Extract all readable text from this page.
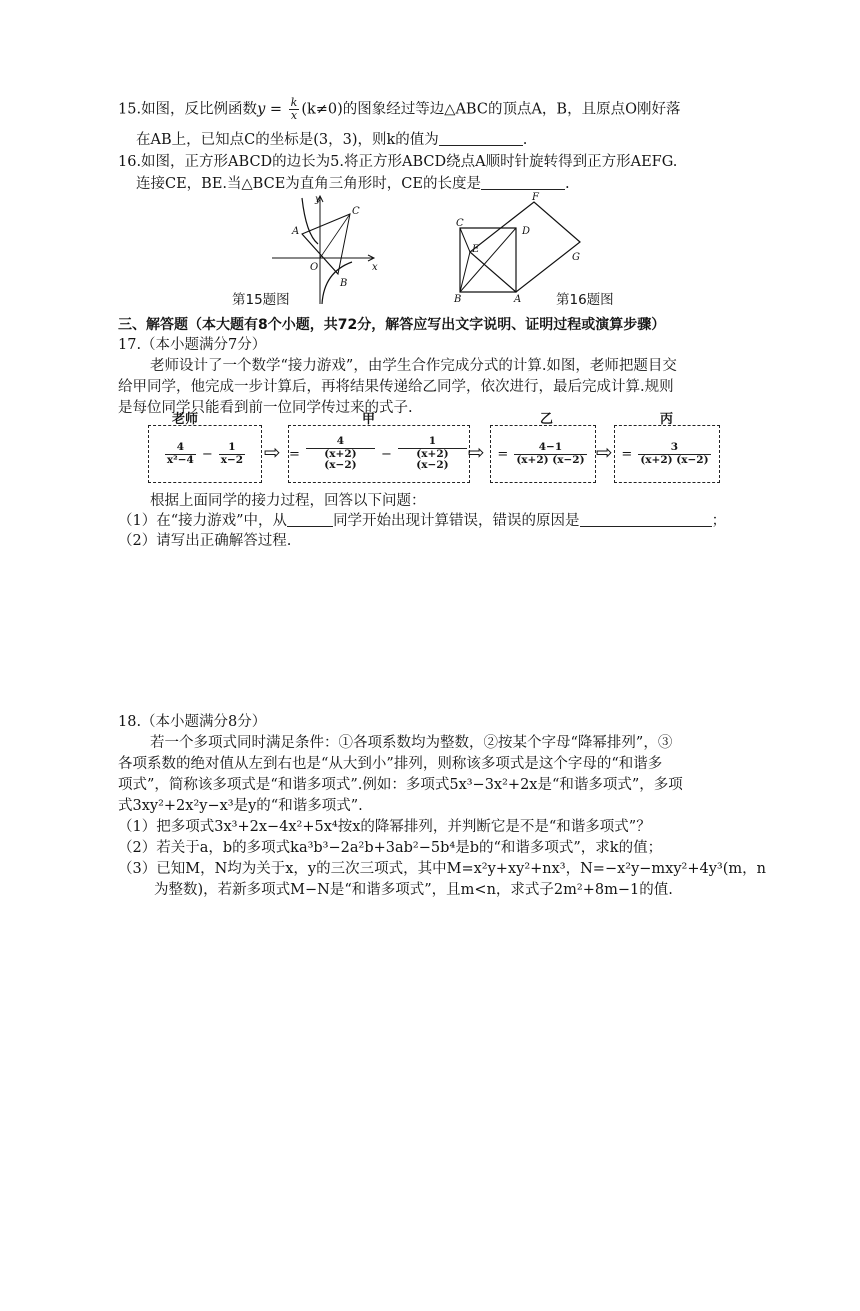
15.如图，反比例函数$y = \frac{k}{x} (k\ne 0)$的图象经过等边△ABC的顶点A，B，且原点O刚好落
在AB上，已知点C的坐标是(3，3)，则k的值为	.
16.如图，正方形ABCD的边长为5.将正方形ABCD绕点A顺时针旋转得到正方形AEFG.
连接CE，BE.当△BCE为直角三角形时，CE的长度是	.
y
x
A
C
O
B
第15题图
C
D
E
F
G
B	A	第16题图
三、解答题（本大题有8个小题，共72分，解答应写出文字说明、证明过程或演算步骤）
17.（本小题满分7分）
老师设计了一个数学“接力游戏”，由学生合作完成分式的计算.如图，老师把题目交
给甲同学，他完成一步计算后，再将结果传递给乙同学，依次进行，最后完成计算.规则
是每位同学只能看到前一位同学传过来的式子.
老师	甲	乙	丙
$\frac{4}{\text{x²−4}} - \frac{1}{x-2}$ ⇨ = $\frac{4}{(x+2) (x-2)} - \frac{1}{(x+2) (x-2)}$ ⇨ = $\frac{4-1}{(x+2) (x-2)}$ ⇨ = $\frac{3}{(x+2) (x-2)}$
根据上面同学的接力过程，回答以下问题：
（1）在“接力游戏”中，从	同学开始出现计算错误，错误的原因是	；
（2）请写出正确解答过程.
18.（本小题满分8分）
若一个多项式同时满足条件：①各项系数均为整数，②按某个字母“降幂排列”，③
各项系数的绝对值从左到右也是“从大到小”排列，则称该多项式是这个字母的“和谐多
项式”，简称该多项式是“和谐多项式”.例如：多项式5x³−3x²+2x是“和谐多项式”，多项
式3xy²+2x²y−x³是y的“和谐多项式”.
（1）把多项式3x³+2x−4x²+5x⁴按x的降幂排列，并判断它是不是“和谐多项式”？
（2）若关于a，b的多项式ka³b³−2a²b+3ab²−5b⁴是b的“和谐多项式”，求k的值；
（3）已知M，N均为关于x，y的三次三项式，其中M=x²y+xy²+nx³，N=−x²y−mxy²+4y³(m，n
为整数)，若新多项式M−N是“和谐多项式”，且m<n，求式子2m²+8m−1的值.
